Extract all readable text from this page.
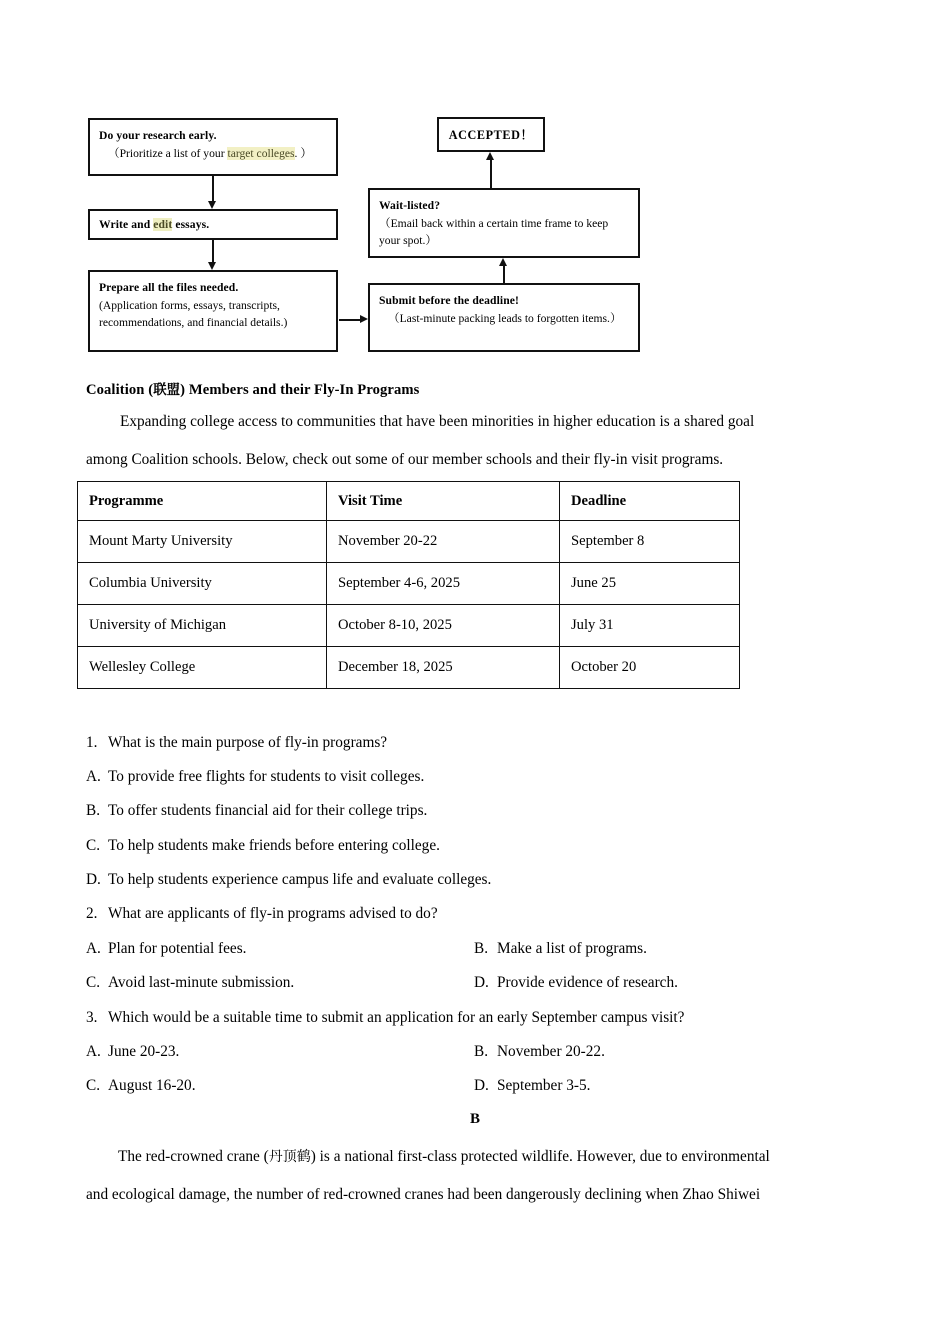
Do your research early.
（Prioritize a list of your target colleges. ）
Write and edit essays.
Prepare all the files needed.
(Application forms, essays, transcripts,
recommendations, and financial details.)
ACCEPTED！
Wait-listed?
（Email back within a certain time frame to keep
your spot.）
Submit before the deadline!
（Last-minute packing leads to forgotten items.）
Coalition (联盟) Members and their Fly-In Programs
Expanding college access to communities that have been minorities in higher education is a shared goal
among Coalition schools. Below, check out some of our member schools and their fly-in visit programs.
Programme	Visit Time	Deadline
Mount Marty University	November 20-22	September 8
Columbia University	September 4-6, 2025	June 25
University of Michigan	October 8-10, 2025	July 31
Wellesley College	December 18, 2025	October 20
1. What is the main purpose of fly-in programs?
A. To provide free flights for students to visit colleges.
B. To offer students financial aid for their college trips.
C. To help students make friends before entering college.
D. To help students experience campus life and evaluate colleges.
2. What are applicants of fly-in programs advised to do?
A. Plan for potential fees.	B. Make a list of programs.
C. Avoid last-minute submission.	D. Provide evidence of research.
3. Which would be a suitable time to submit an application for an early September campus visit?
A. June 20-23.	B. November 20-22.
C. August 16-20.	D. September 3-5.
B
The red-crowned crane (丹顶鹤) is a national first-class protected wildlife. However, due to environmental
and ecological damage, the number of red-crowned cranes had been dangerously declining when Zhao Shiwei
